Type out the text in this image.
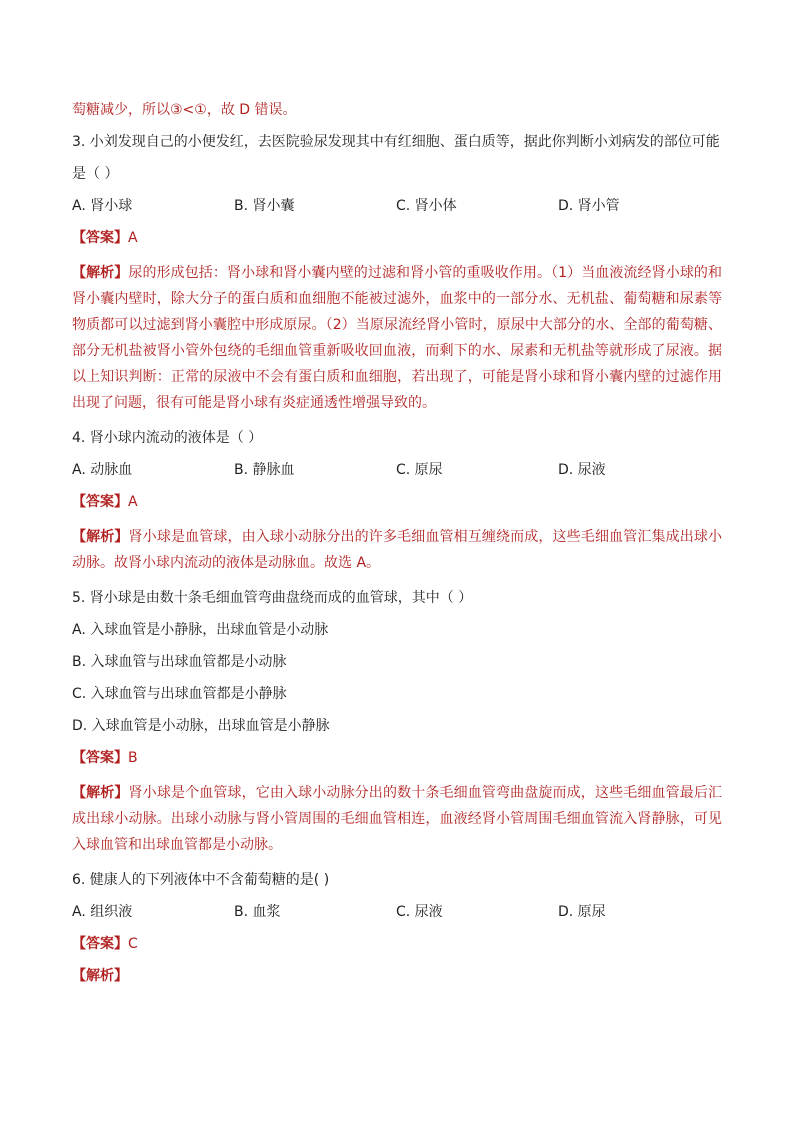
萄糖减少，所以③<①，故 D 错误。
3. 小刘发现自己的小便发红，去医院验尿发现其中有红细胞、蛋白质等，据此你判断小刘病发的部位可能
是（ ）
A. 肾小球	B. 肾小囊	C. 肾小体	D. 肾小管
【答案】A
【解析】尿的形成包括：肾小球和肾小囊内壁的过滤和肾小管的重吸收作用。（1）当血液流经肾小球的和肾小囊内壁时，除大分子的蛋白质和血细胞不能被过滤外，血浆中的一部分水、无机盐、葡萄糖和尿素等物质都可以过滤到肾小囊腔中形成原尿。（2）当原尿流经肾小管时，原尿中大部分的水、全部的葡萄糖、部分无机盐被肾小管外包绕的毛细血管重新吸收回血液，而剩下的水、尿素和无机盐等就形成了尿液。据以上知识判断：正常的尿液中不会有蛋白质和血细胞，若出现了，可能是肾小球和肾小囊内壁的过滤作用出现了问题，很有可能是肾小球有炎症通透性增强导致的。
4. 肾小球内流动的液体是（ ）
A. 动脉血	B. 静脉血	C. 原尿	D. 尿液
【答案】A
【解析】肾小球是血管球，由入球小动脉分出的许多毛细血管相互缠绕而成，这些毛细血管汇集成出球小动脉。故肾小球内流动的液体是动脉血。故选 A。
5. 肾小球是由数十条毛细血管弯曲盘绕而成的血管球，其中（ ）
A. 入球血管是小静脉，出球血管是小动脉
B. 入球血管与出球血管都是小动脉
C. 入球血管与出球血管都是小静脉
D. 入球血管是小动脉，出球血管是小静脉
【答案】B
【解析】肾小球是个血管球，它由入球小动脉分出的数十条毛细血管弯曲盘旋而成，这些毛细血管最后汇成出球小动脉。出球小动脉与肾小管周围的毛细血管相连，血液经肾小管周围毛细血管流入肾静脉，可见入球血管和出球血管都是小动脉。
6. 健康人的下列液体中不含葡萄糖的是( )
A. 组织液	B. 血浆	C. 尿液	D. 原尿
【答案】C
【解析】
